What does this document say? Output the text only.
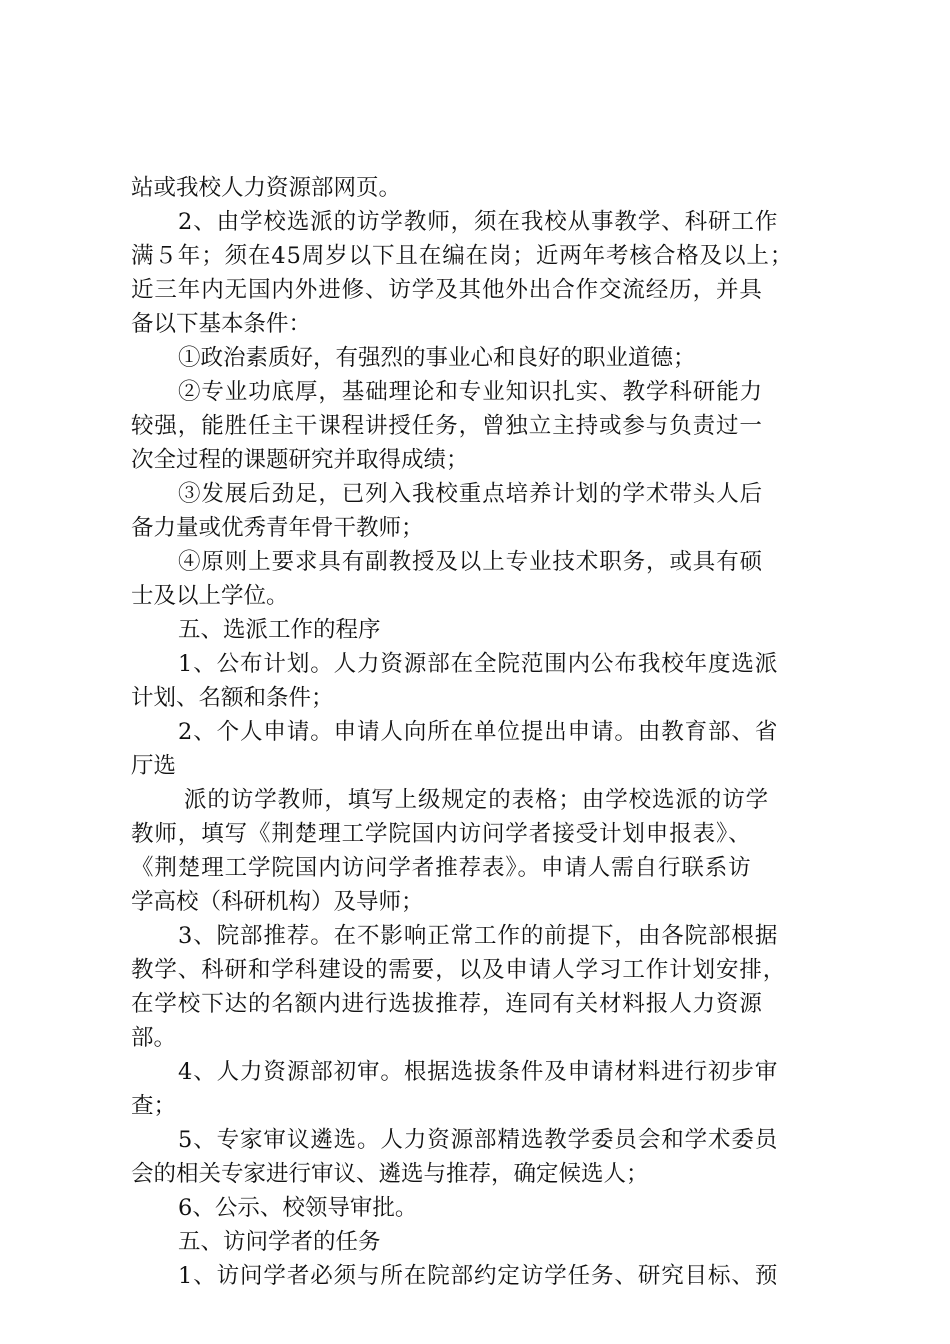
站或我校人力资源部网页。
2、由学校选派的访学教师，须在我校从事教学、科研工作
满５年；须在45周岁以下且在编在岗；近两年考核合格及以上；
近三年内无国内外进修、访学及其他外出合作交流经历，并具
备以下基本条件：
①政治素质好，有强烈的事业心和良好的职业道德；
②专业功底厚，基础理论和专业知识扎实、教学科研能力
较强，能胜任主干课程讲授任务，曾独立主持或参与负责过一
次全过程的课题研究并取得成绩；
③发展后劲足，已列入我校重点培养计划的学术带头人后
备力量或优秀青年骨干教师；
④原则上要求具有副教授及以上专业技术职务，或具有硕
士及以上学位。
五、选派工作的程序
1、公布计划。人力资源部在全院范围内公布我校年度选派
计划、名额和条件；
2、个人申请。申请人向所在单位提出申请。由教育部、省
厅选
派的访学教师，填写上级规定的表格；由学校选派的访学
教师，填写《荆楚理工学院国内访问学者接受计划申报表》、
《荆楚理工学院国内访问学者推荐表》。申请人需自行联系访
学高校（科研机构）及导师；
3、院部推荐。在不影响正常工作的前提下，由各院部根据
教学、科研和学科建设的需要，以及申请人学习工作计划安排，
在学校下达的名额内进行选拔推荐，连同有关材料报人力资源
部。
4、人力资源部初审。根据选拔条件及申请材料进行初步审
查；
5、专家审议遴选。人力资源部精选教学委员会和学术委员
会的相关专家进行审议、遴选与推荐，确定候选人；
6、公示、校领导审批。
五、访问学者的任务
1、访问学者必须与所在院部约定访学任务、研究目标、预
